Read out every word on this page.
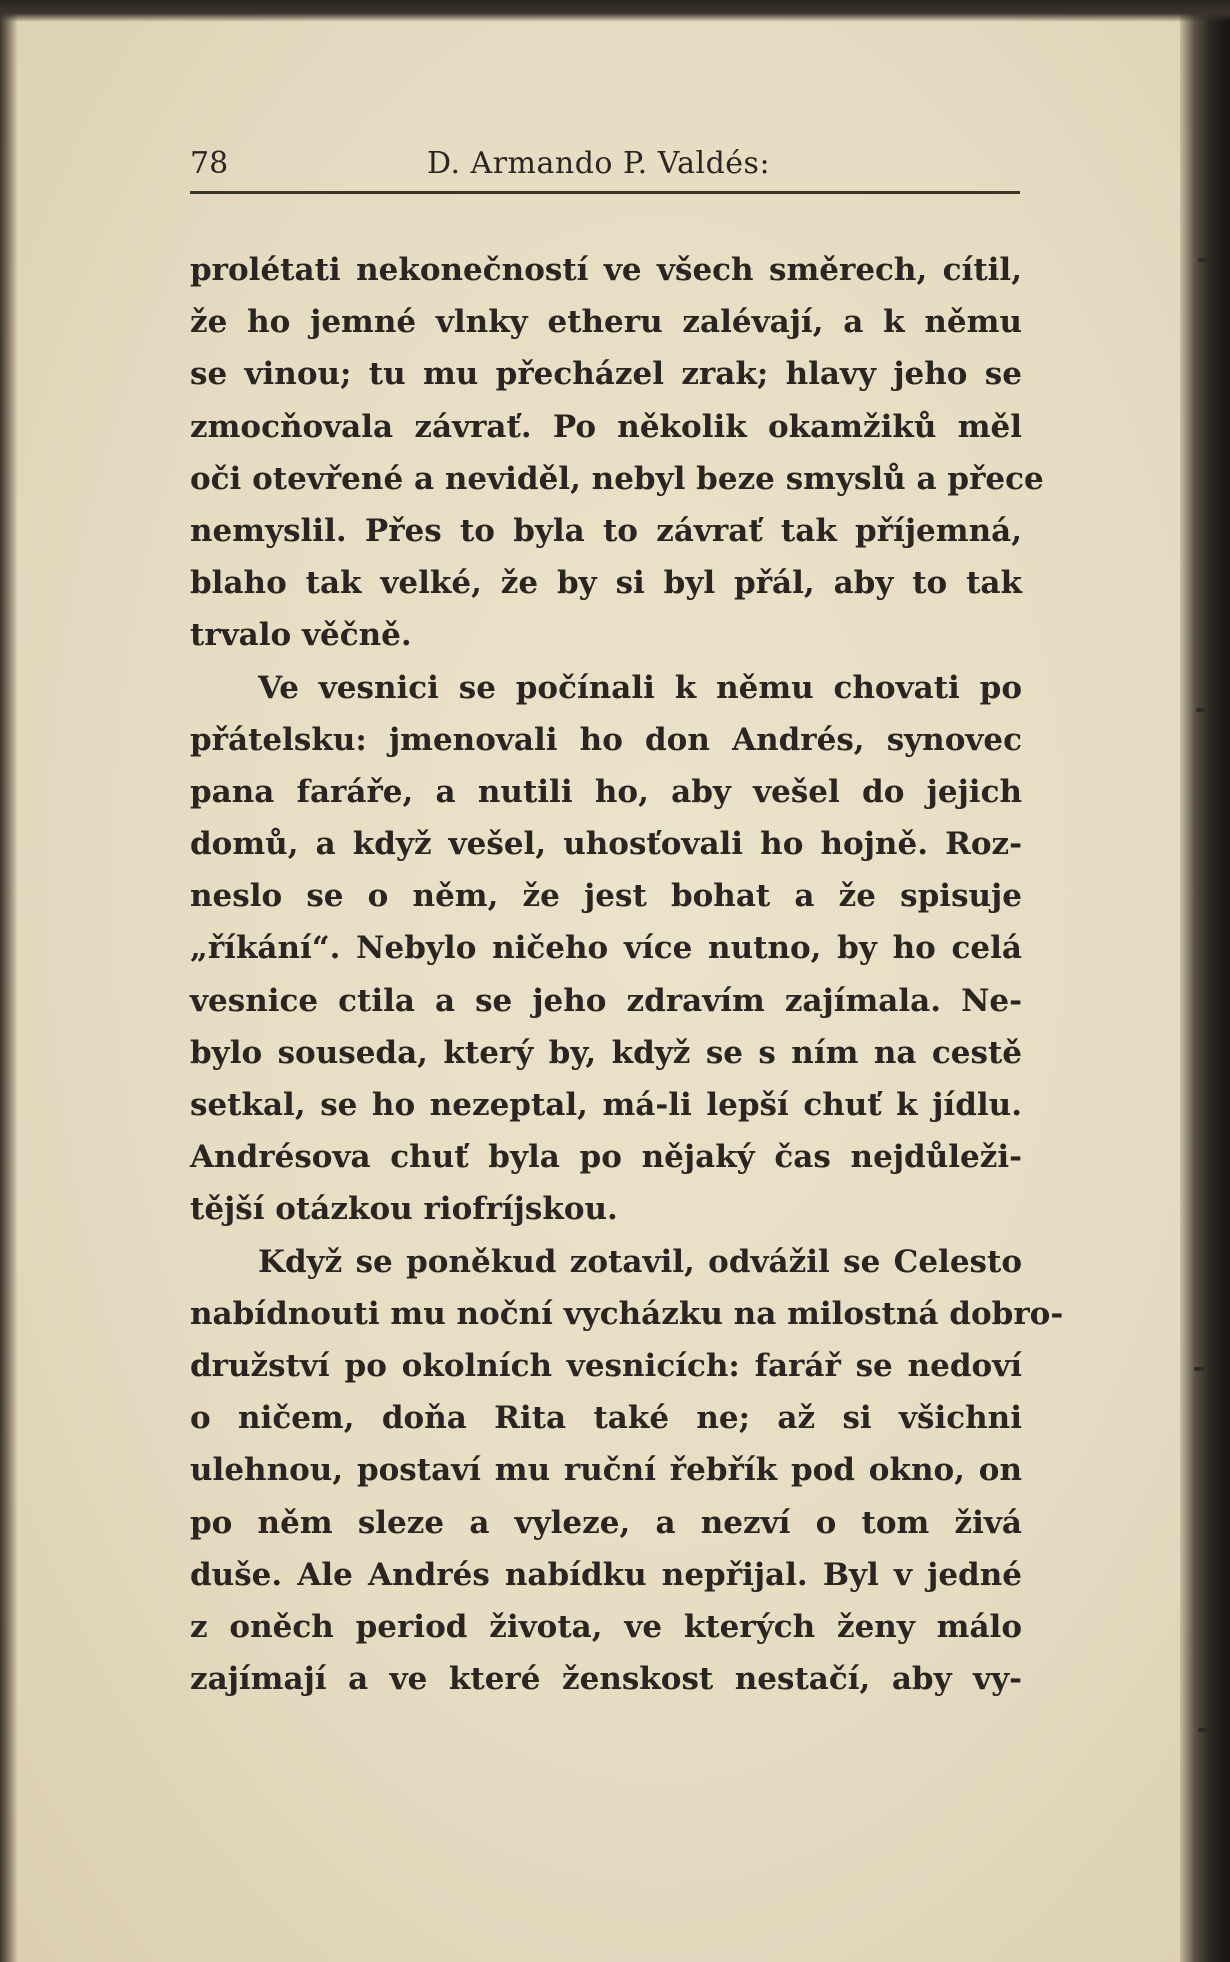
78	D. Armando P. Valdés:
prolétati nekonečností ve všech směrech, cítil,
že ho jemné vlnky etheru zalévají, a k němu
se vinou; tu mu přecházel zrak; hlavy jeho se
zmocňovala závrať. Po několik okamžiků měl
oči otevřené a neviděl, nebyl beze smyslů a přece
nemyslil. Přes to byla to závrať tak příjemná,
blaho tak velké, že by si byl přál, aby to tak
trvalo věčně.
Ve vesnici se počínali k němu chovati po
přátelsku: jmenovali ho don Andrés, synovec
pana faráře, a nutili ho, aby vešel do jejich
domů, a když vešel, uhosťovali ho hojně. Roz-
neslo se o něm, že jest bohat a že spisuje
„říkání“. Nebylo ničeho více nutno, by ho celá
vesnice ctila a se jeho zdravím zajímala. Ne-
bylo souseda, který by, když se s ním na cestě
setkal, se ho nezeptal, má-li lepší chuť k jídlu.
Andrésova chuť byla po nějaký čas nejdůleži-
tější otázkou riofríjskou.
Když se poněkud zotavil, odvážil se Celesto
nabídnouti mu noční vycházku na milostná dobro-
družství po okolních vesnicích: farář se nedoví
o ničem, doňa Rita také ne; až si všichni
ulehnou, postaví mu ruční řebřík pod okno, on
po něm sleze a vyleze, a nezví o tom živá
duše. Ale Andrés nabídku nepřijal. Byl v jedné
z oněch period života, ve kterých ženy málo
zajímají a ve které ženskost nestačí, aby vy-
